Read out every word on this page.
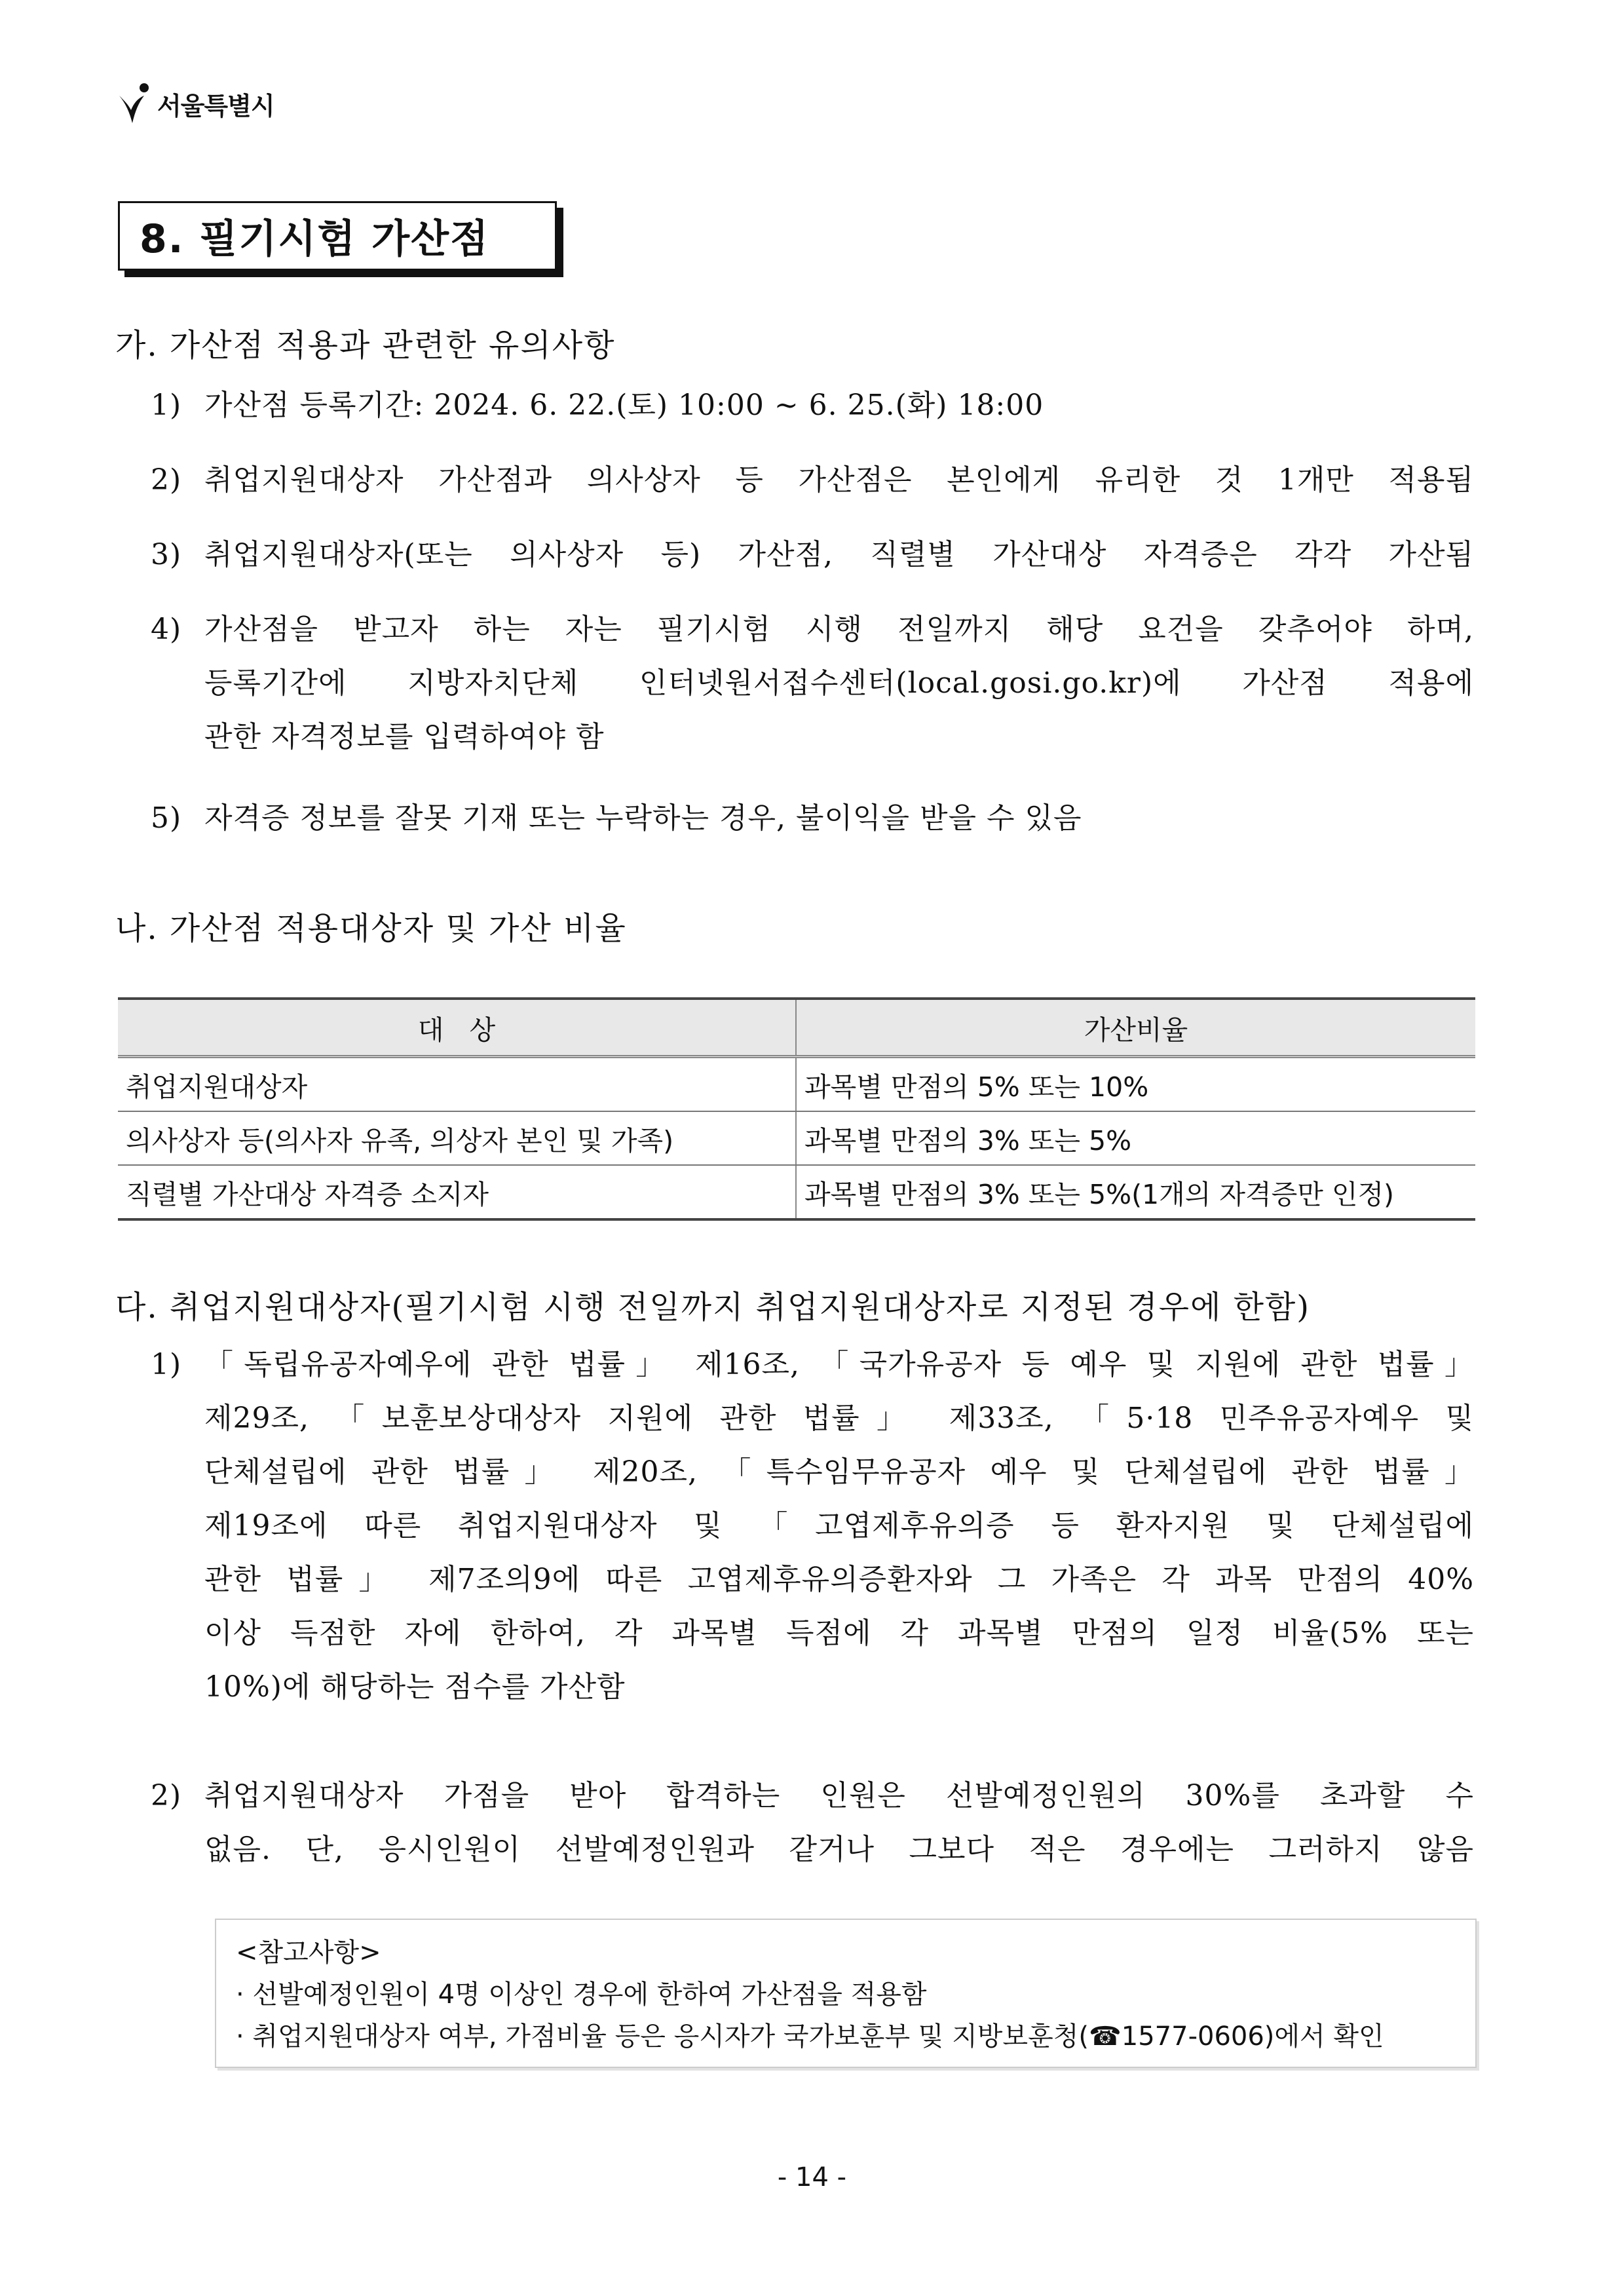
서울특별시
8. 필기시험 가산점
가. 가산점 적용과 관련한 유의사항
1) 가산점 등록기간: 2024. 6. 22.(토) 10:00 ~ 6. 25.(화) 18:00
2) 취업지원대상자 가산점과 의사상자 등 가산점은 본인에게 유리한 것 1개만 적용됨
3) 취업지원대상자(또는 의사상자 등) 가산점, 직렬별 가산대상 자격증은 각각 가산됨
4) 가산점을 받고자 하는 자는 필기시험 시행 전일까지 해당 요건을 갖추어야 하며,
등록기간에 지방자치단체 인터넷원서접수센터(local.gosi.go.kr)에 가산점 적용에
관한 자격정보를 입력하여야 함
5) 자격증 정보를 잘못 기재 또는 누락하는 경우, 불이익을 받을 수 있음
나. 가산점 적용대상자 및 가산 비율
대   상	가산비율
취업지원대상자	과목별 만점의 5% 또는 10%
의사상자 등(의사자 유족, 의상자 본인 및 가족)	과목별 만점의 3% 또는 5%
직렬별 가산대상 자격증 소지자	과목별 만점의 3% 또는 5%(1개의 자격증만 인정)
다. 취업지원대상자(필기시험 시행 전일까지 취업지원대상자로 지정된 경우에 한함)
1) 「독립유공자예우에 관한 법률」 제16조, 「국가유공자 등 예우 및 지원에 관한 법률」
제29조, 「보훈보상대상자 지원에 관한 법률」 제33조, 「5·18 민주유공자예우 및
단체설립에 관한 법률」 제20조, 「특수임무유공자 예우 및 단체설립에 관한 법률」
제19조에 따른 취업지원대상자 및 「고엽제후유의증 등 환자지원 및 단체설립에
관한 법률」 제7조의9에 따른 고엽제후유의증환자와 그 가족은 각 과목 만점의 40%
이상 득점한 자에 한하여, 각 과목별 득점에 각 과목별 만점의 일정 비율(5% 또는
10%)에 해당하는 점수를 가산함
2) 취업지원대상자 가점을 받아 합격하는 인원은 선발예정인원의 30%를 초과할 수
없음. 단, 응시인원이 선발예정인원과 같거나 그보다 적은 경우에는 그러하지 않음
<참고사항>
· 선발예정인원이 4명 이상인 경우에 한하여 가산점을 적용함
· 취업지원대상자 여부, 가점비율 등은 응시자가 국가보훈부 및 지방보훈청(☎1577-0606)에서 확인
- 14 -
